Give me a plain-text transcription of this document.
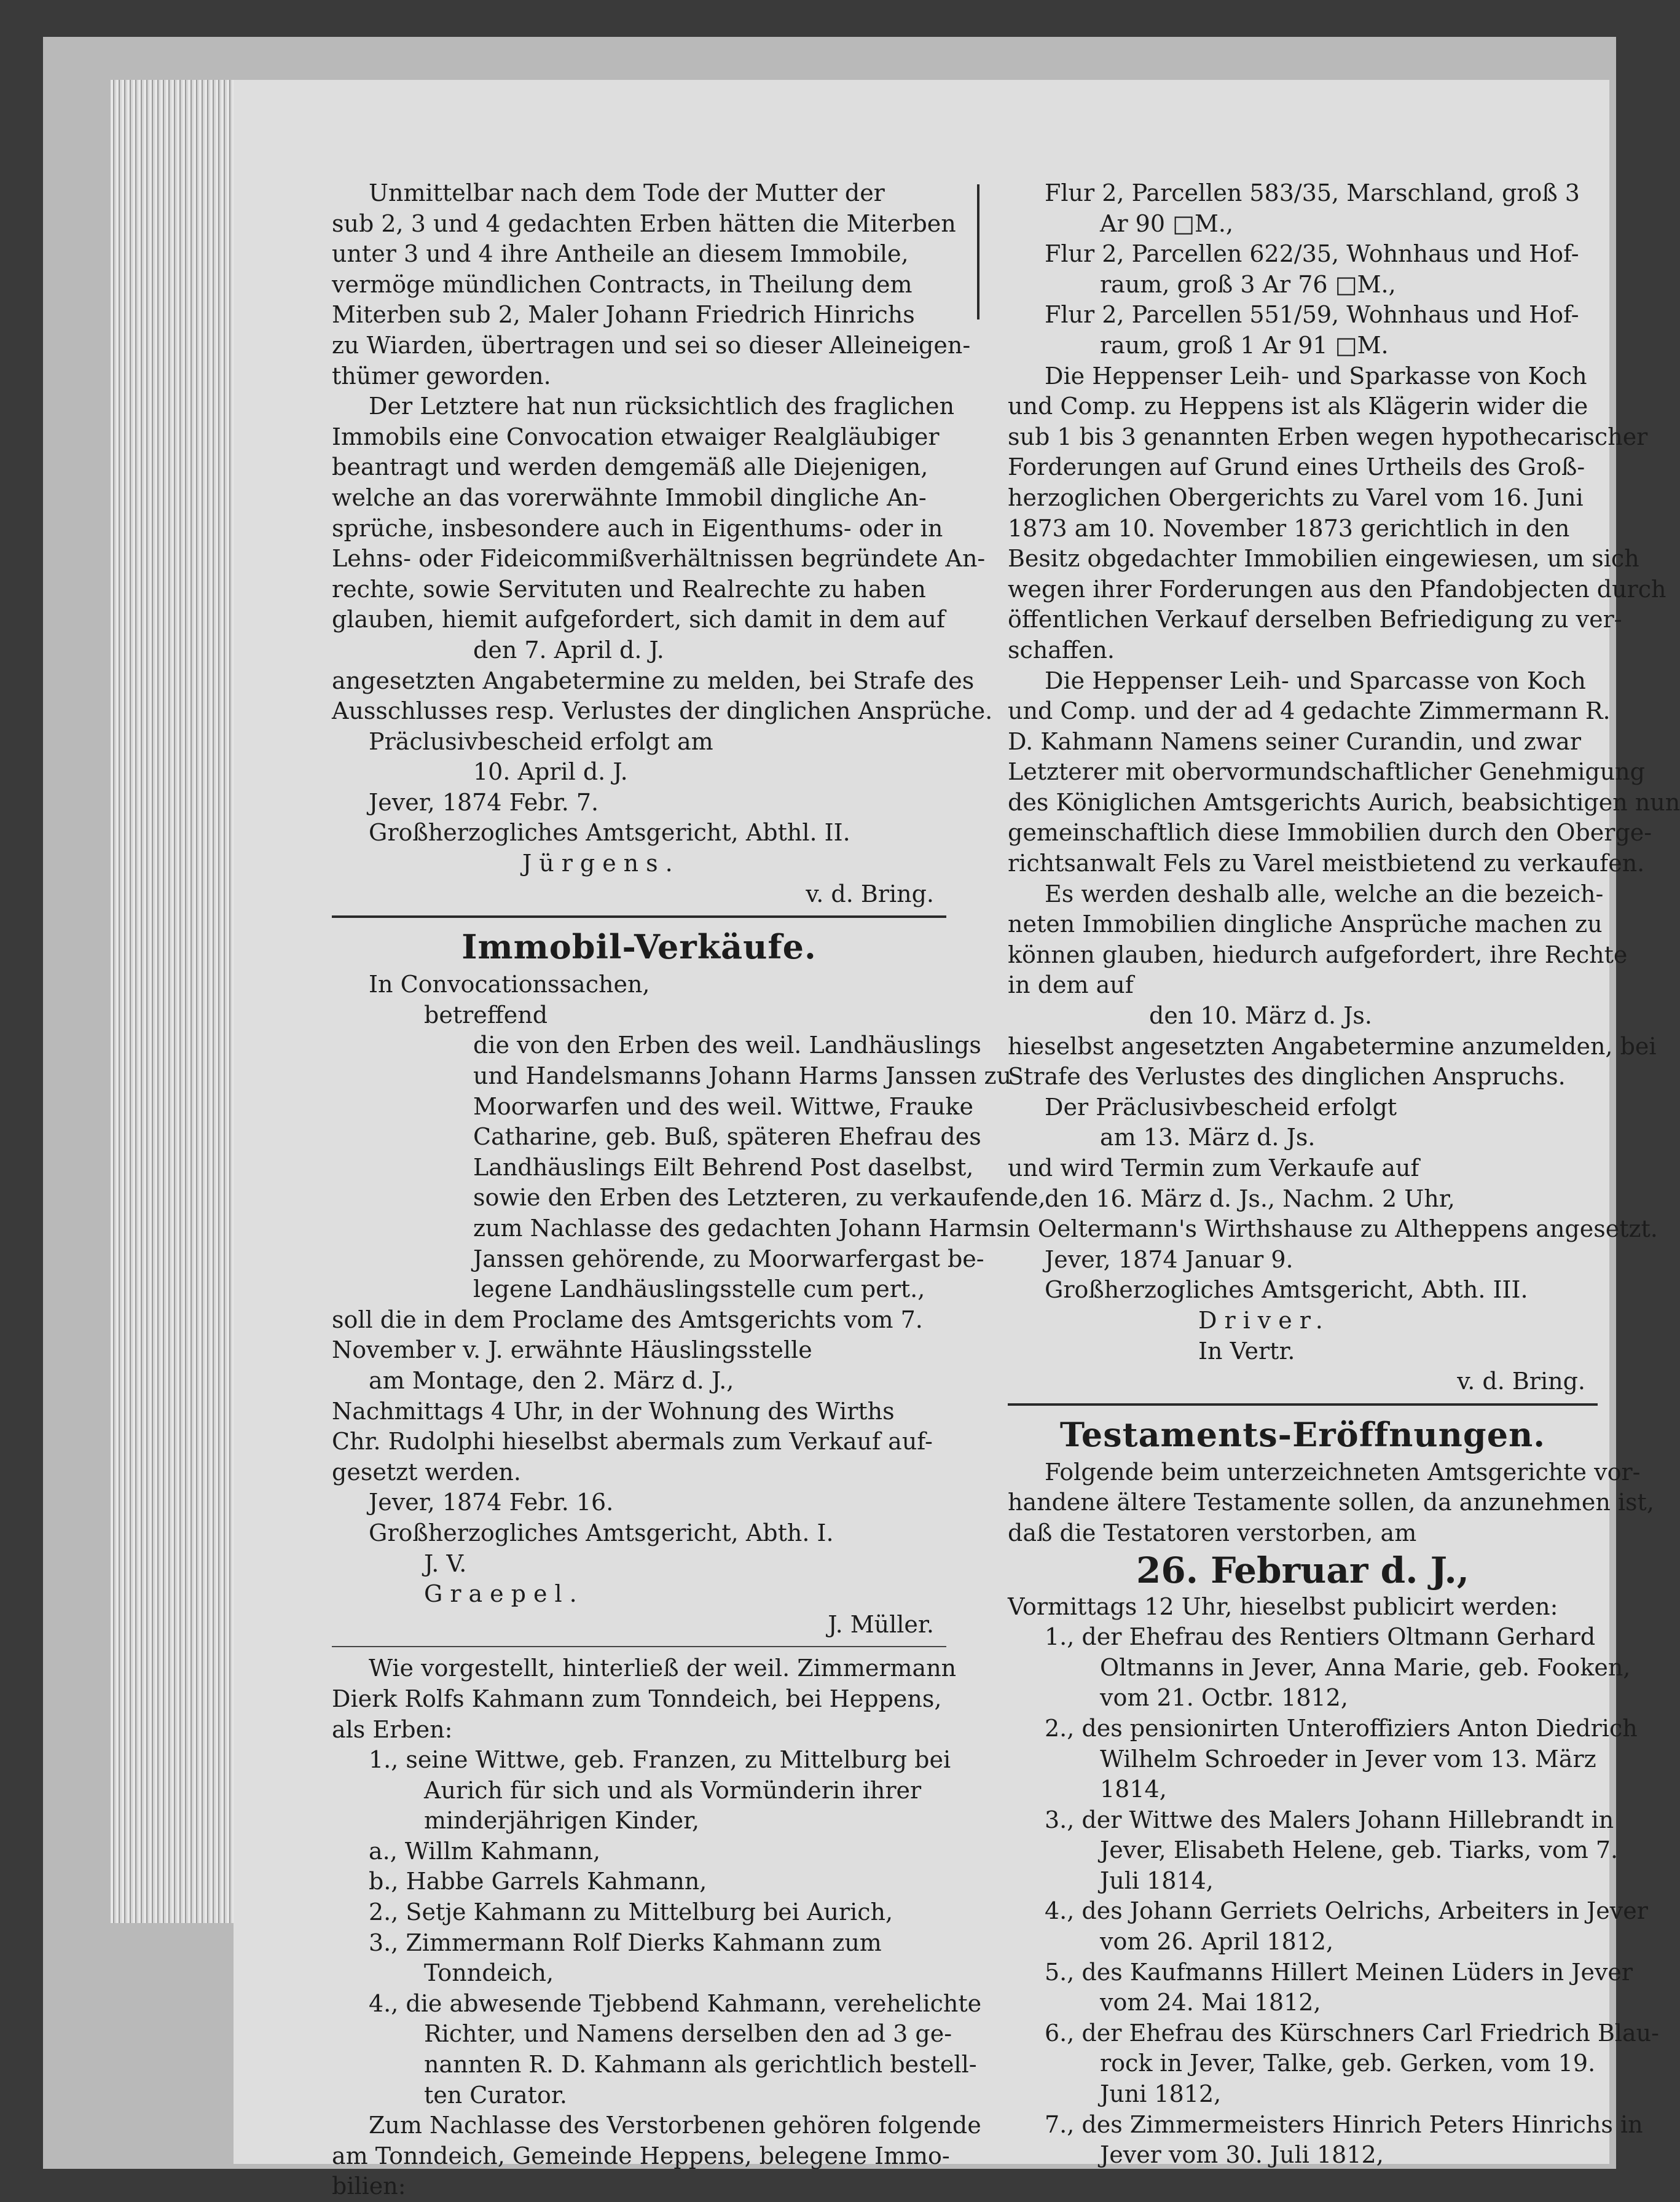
Unmittelbar nach dem Tode der Mutter der
sub 2, 3 und 4 gedachten Erben hätten die Miterben
unter 3 und 4 ihre Antheile an diesem Immobile,
vermöge mündlichen Contracts, in Theilung dem
Miterben sub 2, Maler Johann Friedrich Hinrichs
zu Wiarden, übertragen und sei so dieser Alleineigen-
thümer geworden.
Der Letztere hat nun rücksichtlich des fraglichen
Immobils eine Convocation etwaiger Realgläubiger
beantragt und werden demgemäß alle Diejenigen,
welche an das vorerwähnte Immobil dingliche An-
sprüche, insbesondere auch in Eigenthums- oder in
Lehns- oder Fideicommißverhältnissen begründete An-
rechte, sowie Servituten und Realrechte zu haben
glauben, hiemit aufgefordert, sich damit in dem auf
den 7. April d. J.
angesetzten Angabetermine zu melden, bei Strafe des
Ausschlusses resp. Verlustes der dinglichen Ansprüche.
Präclusivbescheid erfolgt am
10. April d. J.
Jever, 1874 Febr. 7.
Großherzogliches Amtsgericht, Abthl. II.
Jürgens.
v. d. Bring.
Immobil-Verkäufe.
In Convocationssachen,
betreffend
die von den Erben des weil. Landhäuslings
und Handelsmanns Johann Harms Janssen zu
Moorwarfen und des weil. Wittwe, Frauke
Catharine, geb. Buß, späteren Ehefrau des
Landhäuslings Eilt Behrend Post daselbst,
sowie den Erben des Letzteren, zu verkaufende,
zum Nachlasse des gedachten Johann Harms
Janssen gehörende, zu Moorwarfergast be-
legene Landhäuslingsstelle cum pert.,
soll die in dem Proclame des Amtsgerichts vom 7.
November v. J. erwähnte Häuslingsstelle
am Montage, den 2. März d. J.,
Nachmittags 4 Uhr, in der Wohnung des Wirths
Chr. Rudolphi hieselbst abermals zum Verkauf auf-
gesetzt werden.
Jever, 1874 Febr. 16.
Großherzogliches Amtsgericht, Abth. I.
J. V.
Graepel.
J. Müller.
Wie vorgestellt, hinterließ der weil. Zimmermann
Dierk Rolfs Kahmann zum Tonndeich, bei Heppens,
als Erben:
1., seine Wittwe, geb. Franzen, zu Mittelburg bei
Aurich für sich und als Vormünderin ihrer
minderjährigen Kinder,
a., Willm Kahmann,
b., Habbe Garrels Kahmann,
2., Setje Kahmann zu Mittelburg bei Aurich,
3., Zimmermann Rolf Dierks Kahmann zum
Tonndeich,
4., die abwesende Tjebbend Kahmann, verehelichte
Richter, und Namens derselben den ad 3 ge-
nannten R. D. Kahmann als gerichtlich bestell-
ten Curator.
Zum Nachlasse des Verstorbenen gehören folgende
am Tonndeich, Gemeinde Heppens, belegene Immo-
bilien:
Flur 2, Parcellen 583/35, Marschland, groß 3
Ar 90 □M.,
Flur 2, Parcellen 622/35, Wohnhaus und Hof-
raum, groß 3 Ar 76 □M.,
Flur 2, Parcellen 551/59, Wohnhaus und Hof-
raum, groß 1 Ar 91 □M.
Die Heppenser Leih- und Sparkasse von Koch
und Comp. zu Heppens ist als Klägerin wider die
sub 1 bis 3 genannten Erben wegen hypothecarischer
Forderungen auf Grund eines Urtheils des Groß-
herzoglichen Obergerichts zu Varel vom 16. Juni
1873 am 10. November 1873 gerichtlich in den
Besitz obgedachter Immobilien eingewiesen, um sich
wegen ihrer Forderungen aus den Pfandobjecten durch
öffentlichen Verkauf derselben Befriedigung zu ver-
schaffen.
Die Heppenser Leih- und Sparcasse von Koch
und Comp. und der ad 4 gedachte Zimmermann R.
D. Kahmann Namens seiner Curandin, und zwar
Letzterer mit obervormundschaftlicher Genehmigung
des Königlichen Amtsgerichts Aurich, beabsichtigen nun
gemeinschaftlich diese Immobilien durch den Oberge-
richtsanwalt Fels zu Varel meistbietend zu verkaufen.
Es werden deshalb alle, welche an die bezeich-
neten Immobilien dingliche Ansprüche machen zu
können glauben, hiedurch aufgefordert, ihre Rechte
in dem auf
den 10. März d. Js.
hieselbst angesetzten Angabetermine anzumelden, bei
Strafe des Verlustes des dinglichen Anspruchs.
Der Präclusivbescheid erfolgt
am 13. März d. Js.
und wird Termin zum Verkaufe auf
den 16. März d. Js., Nachm. 2 Uhr,
in Oeltermann's Wirthshause zu Altheppens angesetzt.
Jever, 1874 Januar 9.
Großherzogliches Amtsgericht, Abth. III.
Driver.
In Vertr.
v. d. Bring.
Testaments-Eröffnungen.
Folgende beim unterzeichneten Amtsgerichte vor-
handene ältere Testamente sollen, da anzunehmen ist,
daß die Testatoren verstorben, am
26. Februar d. J.,
Vormittags 12 Uhr, hieselbst publicirt werden:
1., der Ehefrau des Rentiers Oltmann Gerhard
Oltmanns in Jever, Anna Marie, geb. Fooken,
vom 21. Octbr. 1812,
2., des pensionirten Unteroffiziers Anton Diedrich
Wilhelm Schroeder in Jever vom 13. März
1814,
3., der Wittwe des Malers Johann Hillebrandt in
Jever, Elisabeth Helene, geb. Tiarks, vom 7.
Juli 1814,
4., des Johann Gerriets Oelrichs, Arbeiters in Jever
vom 26. April 1812,
5., des Kaufmanns Hillert Meinen Lüders in Jever
vom 24. Mai 1812,
6., der Ehefrau des Kürschners Carl Friedrich Blau-
rock in Jever, Talke, geb. Gerken, vom 19.
Juni 1812,
7., des Zimmermeisters Hinrich Peters Hinrichs in
Jever vom 30. Juli 1812,
